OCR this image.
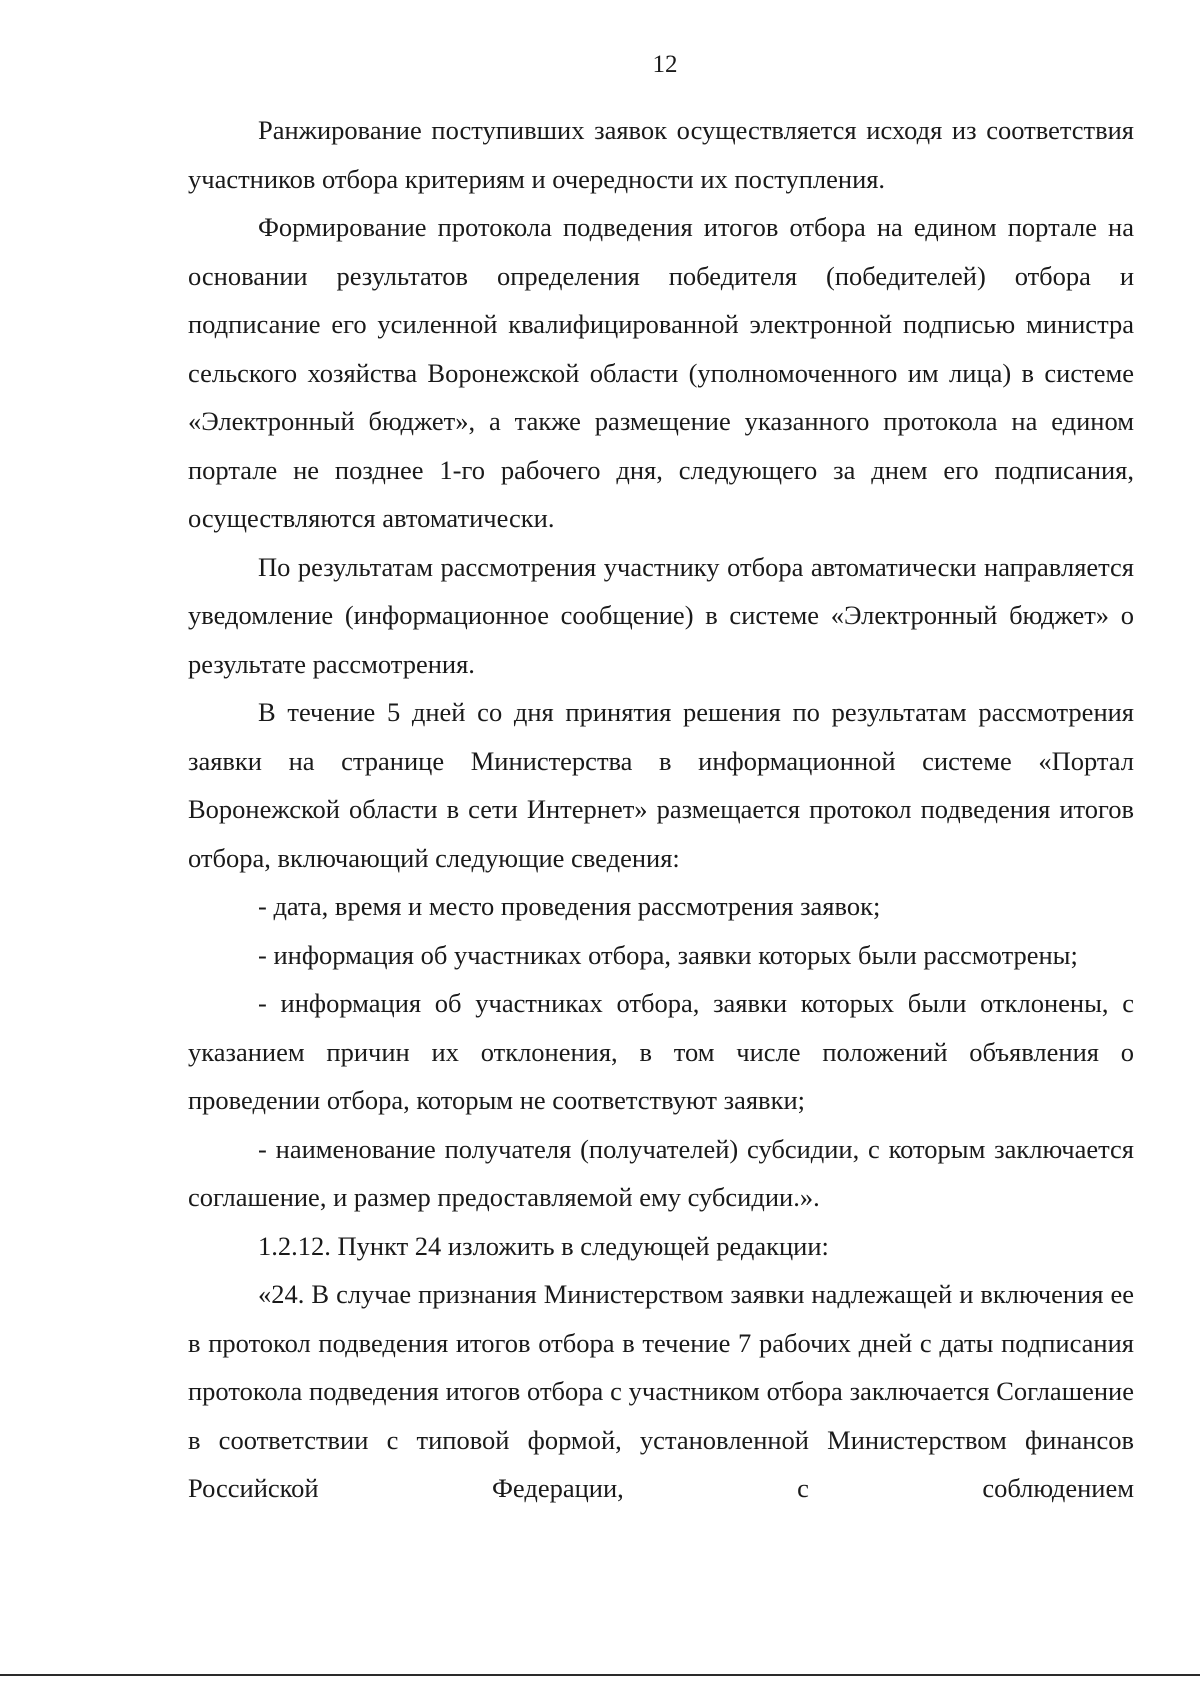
12

Ранжирование поступивших заявок осуществляется исходя из соответствия участников отбора критериям и очередности их поступления.

Формирование протокола подведения итогов отбора на едином портале на основании результатов определения победителя (победителей) отбора и подписание его усиленной квалифицированной электронной подписью министра сельского хозяйства Воронежской области (уполномоченного им лица) в системе «Электронный бюджет», а также размещение указанного протокола на едином портале не позднее 1-го рабочего дня, следующего за днем его подписания, осуществляются автоматически.

По результатам рассмотрения участнику отбора автоматически направляется уведомление (информационное сообщение) в системе «Электронный бюджет» о результате рассмотрения.

В течение 5 дней со дня принятия решения по результатам рассмотрения заявки на странице Министерства в информационной системе «Портал Воронежской области в сети Интернет» размещается протокол подведения итогов отбора, включающий следующие сведения:

- дата, время и место проведения рассмотрения заявок;

- информация об участниках отбора, заявки которых были рассмотрены;

- информация об участниках отбора, заявки которых были отклонены, с указанием причин их отклонения, в том числе положений объявления о проведении отбора, которым не соответствуют заявки;

- наименование получателя (получателей) субсидии, с которым заключается соглашение, и размер предоставляемой ему субсидии.».

1.2.12. Пункт 24 изложить в следующей редакции:

«24. В случае признания Министерством заявки надлежащей и включения ее в протокол подведения итогов отбора в течение 7 рабочих дней с даты подписания протокола подведения итогов отбора с участником отбора заключается Соглашение в соответствии с типовой формой, установленной Министерством финансов Российской Федерации, с соблюдением
